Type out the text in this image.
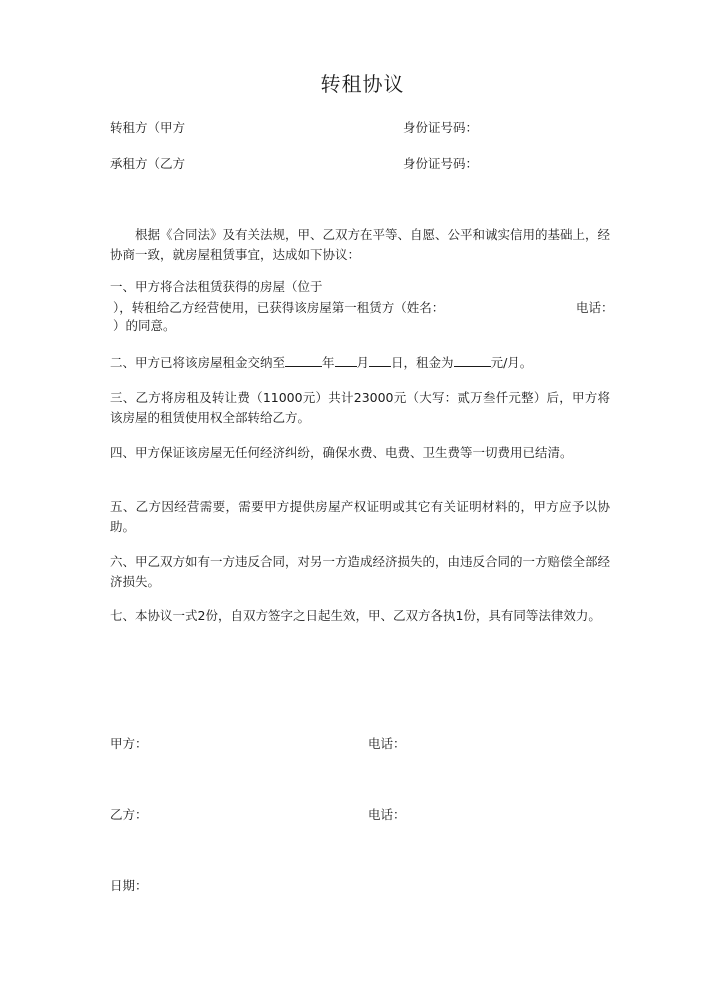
转租协议
转租方（甲方	身份证号码：
承租方（乙方	身份证号码：
根据《合同法》及有关法规，甲、乙双方在平等、自愿、公平和诚实信用的基础上，经协商一致，就房屋租赁事宜，达成如下协议：
一、甲方将合法租赁获得的房屋（位于
），转租给乙方经营使用，已获得该房屋第一租赁方（姓名：	电话：
）的同意。
二、甲方已将该房屋租金交纳至	年 月 日，租金为	元/月。
三、乙方将房租及转让费（11000元）共计23000元（大写：贰万叁仟元整）后，甲方将该房屋的租赁使用权全部转给乙方。
四、甲方保证该房屋无任何经济纠纷，确保水费、电费、卫生费等一切费用已结清。
五、乙方因经营需要，需要甲方提供房屋产权证明或其它有关证明材料的，甲方应予以协助。
六、甲乙双方如有一方违反合同，对另一方造成经济损失的，由违反合同的一方赔偿全部经济损失。
七、本协议一式2份，自双方签字之日起生效，甲、乙双方各执1份，具有同等法律效力。
甲方：	电话：
乙方：	电话：
日期：
